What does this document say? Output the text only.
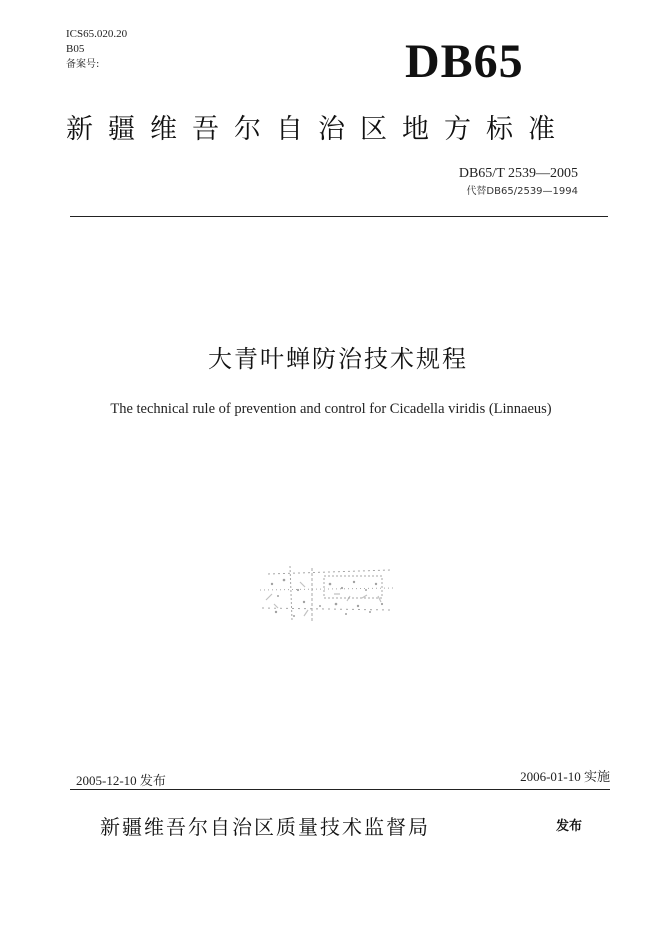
ICS65.020.20
B05
备案号:	DB65
新疆维吾尔自治区地方标准
DB65/T 2539—2005
代替DB65/2539—1994
大青叶蝉防治技术规程
The technical rule of prevention and control for Cicadella viridis (Linnaeus)
2005-12-10 发布	2006-01-10 实施
新疆维吾尔自治区质量技术监督局	发布
